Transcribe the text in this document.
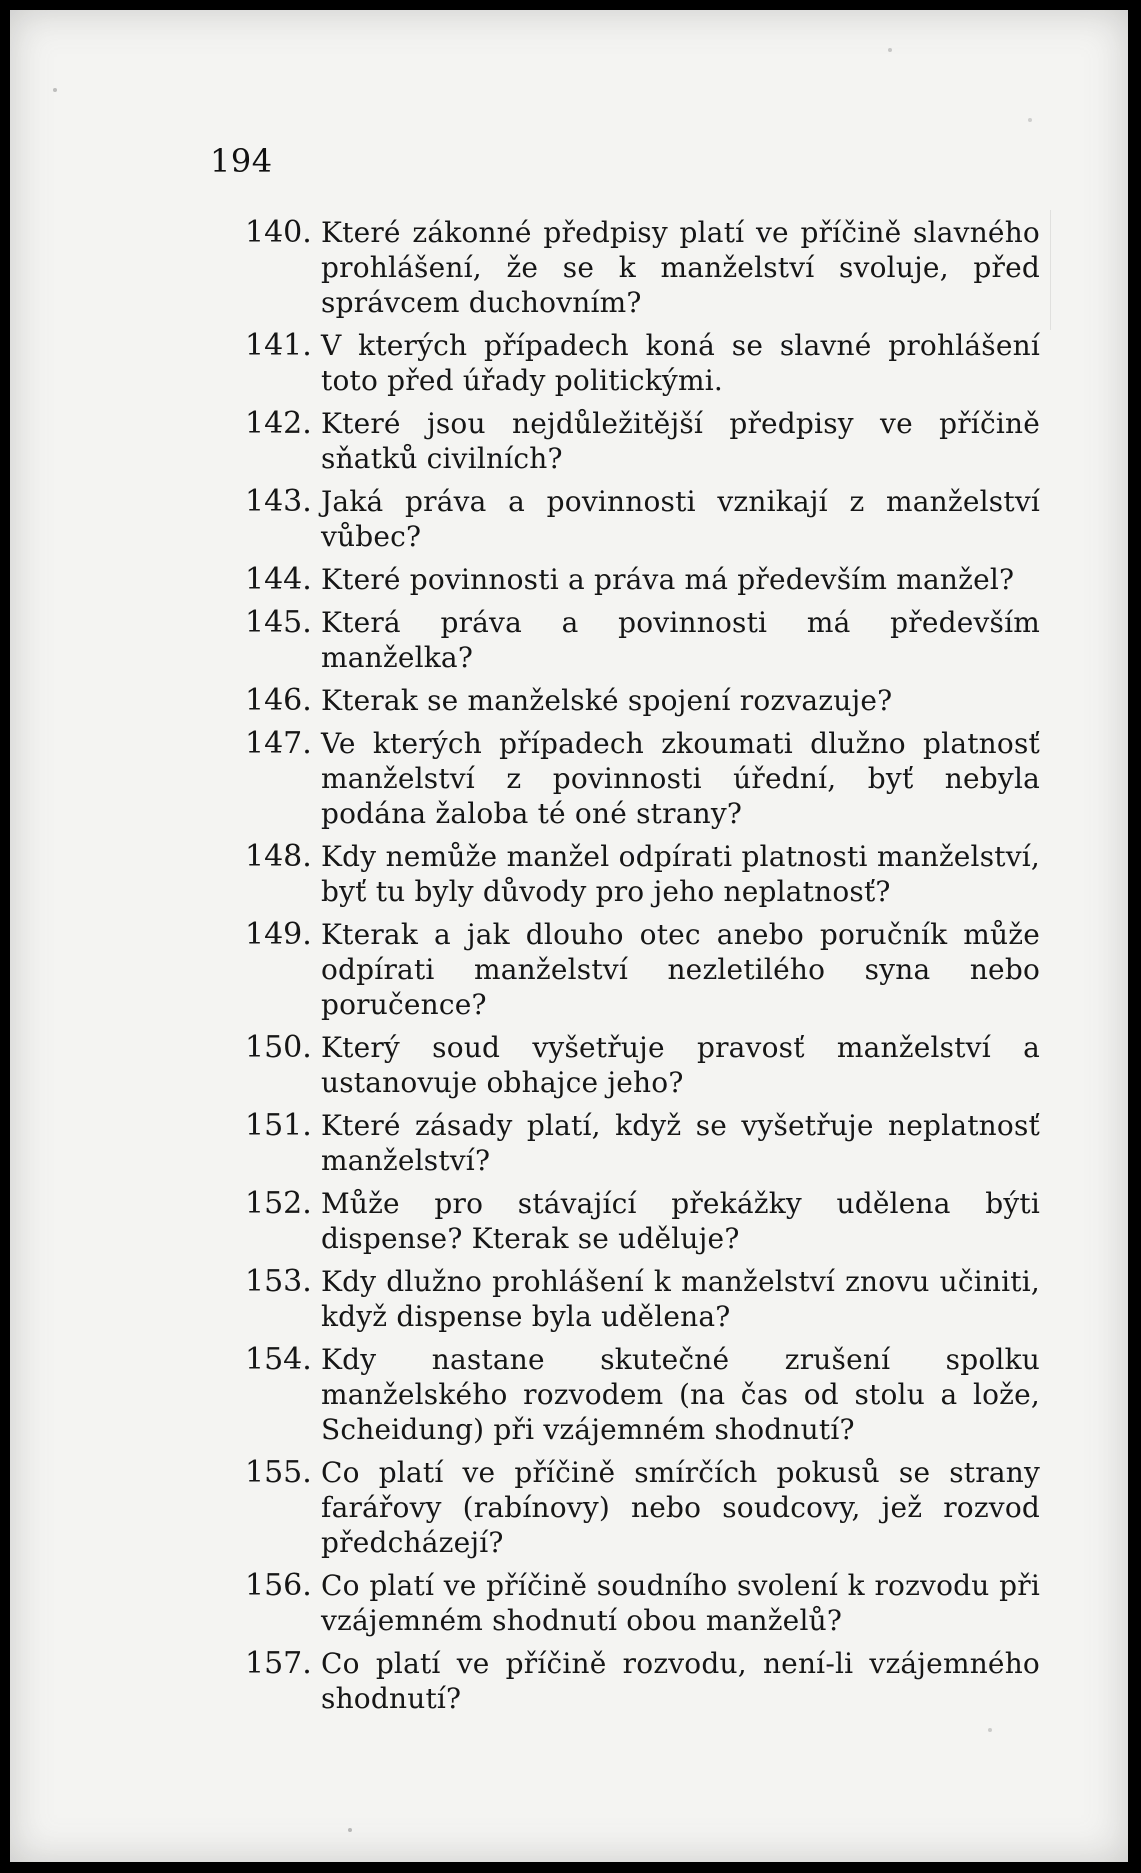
194
140. Které zákonné předpisy platí ve příčině slavného prohlášení, že se k manželství svoluje, před správcem duchovním?
141. V kterých případech koná se slavné prohlášení toto před úřady politickými.
142. Které jsou nejdůležitější předpisy ve příčině sňatků civilních?
143. Jaká práva a povinnosti vznikají z manželství vůbec?
144. Které povinnosti a práva má především manžel?
145. Která práva a povinnosti má především manželka?
146. Kterak se manželské spojení rozvazuje?
147. Ve kterých případech zkoumati dlužno platnosť manželství z povinnosti úřední, byť nebyla podána žaloba té oné strany?
148. Kdy nemůže manžel odpírati platnosti manželství, byť tu byly důvody pro jeho neplatnosť?
149. Kterak a jak dlouho otec anebo poručník může odpírati manželství nezletilého syna nebo poručence?
150. Který soud vyšetřuje pravosť manželství a ustanovuje obhajce jeho?
151. Které zásady platí, když se vyšetřuje neplatnosť manželství?
152. Může pro stávající překážky udělena býti dispense? Kterak se uděluje?
153. Kdy dlužno prohlášení k manželství znovu učiniti, když dispense byla udělena?
154. Kdy nastane skutečné zrušení spolku manželského rozvodem (na čas od stolu a lože, Scheidung) při vzájemném shodnutí?
155. Co platí ve příčině smírčích pokusů se strany farářovy (rabínovy) nebo soudcovy, jež rozvod předcházejí?
156. Co platí ve příčině soudního svolení k rozvodu při vzájemném shodnutí obou manželů?
157. Co platí ve příčině rozvodu, není-li vzájemného shodnutí?
